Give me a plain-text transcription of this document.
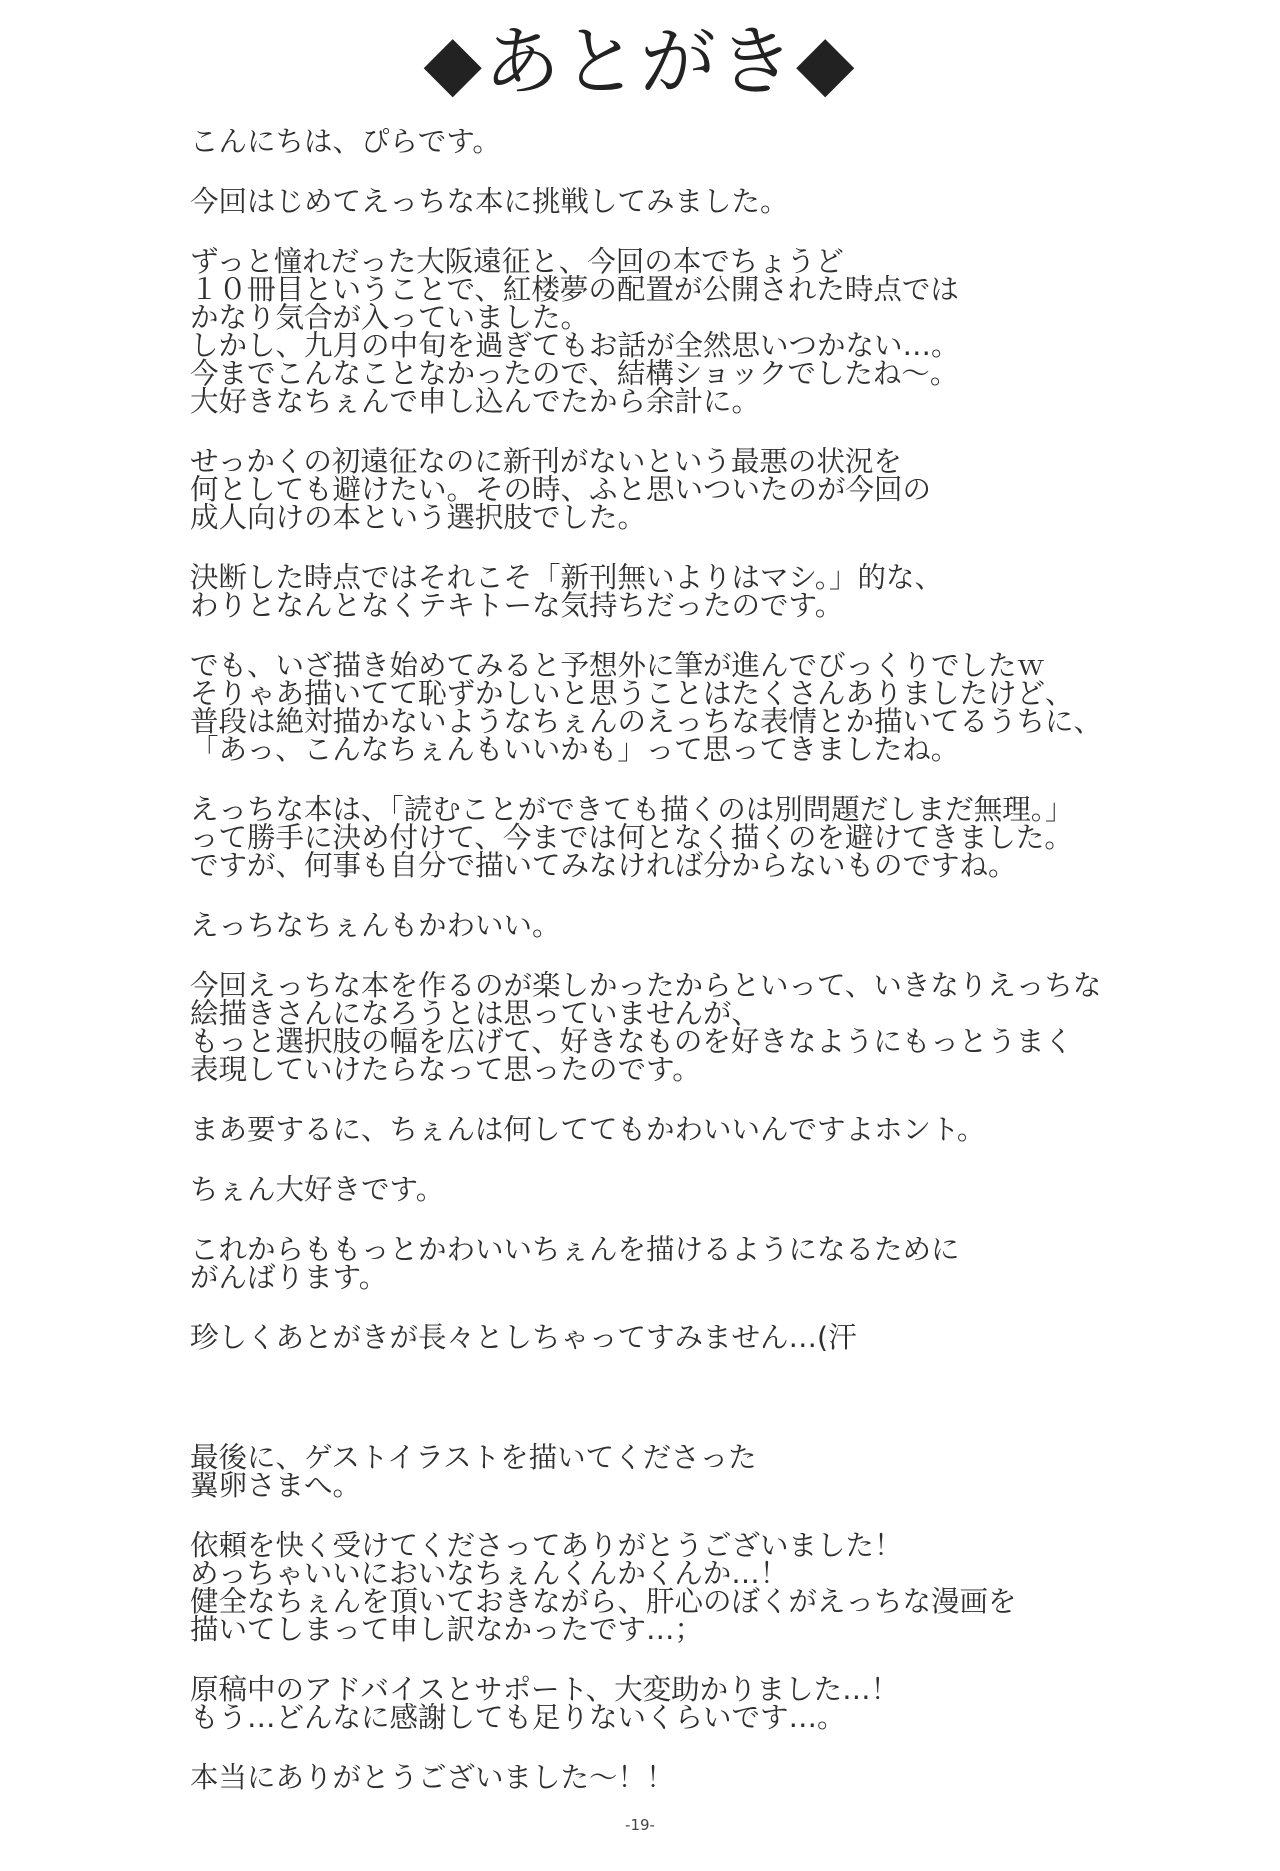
◆あとがき◆
こんにちは、ぴらです。
今回はじめてえっちな本に挑戦してみました。
ずっと憧れだった大阪遠征と、今回の本でちょうど
１０冊目ということで、紅楼夢の配置が公開された時点では
かなり気合が入っていました。
しかし、九月の中旬を過ぎてもお話が全然思いつかない…。
今までこんなことなかったので、結構ショックでしたね～。
大好きなちぇんで申し込んでたから余計に。
せっかくの初遠征なのに新刊がないという最悪の状況を
何としても避けたい。その時、ふと思いついたのが今回の
成人向けの本という選択肢でした。
決断した時点ではそれこそ「新刊無いよりはマシ。」的な、
わりとなんとなくテキトーな気持ちだったのです。
でも、いざ描き始めてみると予想外に筆が進んでびっくりでしたｗ
そりゃあ描いてて恥ずかしいと思うことはたくさんありましたけど、
普段は絶対描かないようなちぇんのえっちな表情とか描いてるうちに、
「あっ、こんなちぇんもいいかも」って思ってきましたね。
えっちな本は、「読むことができても描くのは別問題だしまだ無理。」
って勝手に決め付けて、今までは何となく描くのを避けてきました。
ですが、何事も自分で描いてみなければ分からないものですね。
えっちなちぇんもかわいい。
今回えっちな本を作るのが楽しかったからといって、いきなりえっちな
絵描きさんになろうとは思っていませんが、
もっと選択肢の幅を広げて、好きなものを好きなようにもっとうまく
表現していけたらなって思ったのです。
まあ要するに、ちぇんは何しててもかわいいんですよホント。
ちぇん大好きです。
これからももっとかわいいちぇんを描けるようになるために
がんばります。
珍しくあとがきが長々としちゃってすみません…(汗
最後に、ゲストイラストを描いてくださった
翼卵さまへ。
依頼を快く受けてくださってありがとうございました！
めっちゃいいにおいなちぇんくんかくんか…！
健全なちぇんを頂いておきながら、肝心のぼくがえっちな漫画を
描いてしまって申し訳なかったです…；
原稿中のアドバイスとサポート、大変助かりました…！
もう…どんなに感謝しても足りないくらいです…。
本当にありがとうございました～！！
-19-
